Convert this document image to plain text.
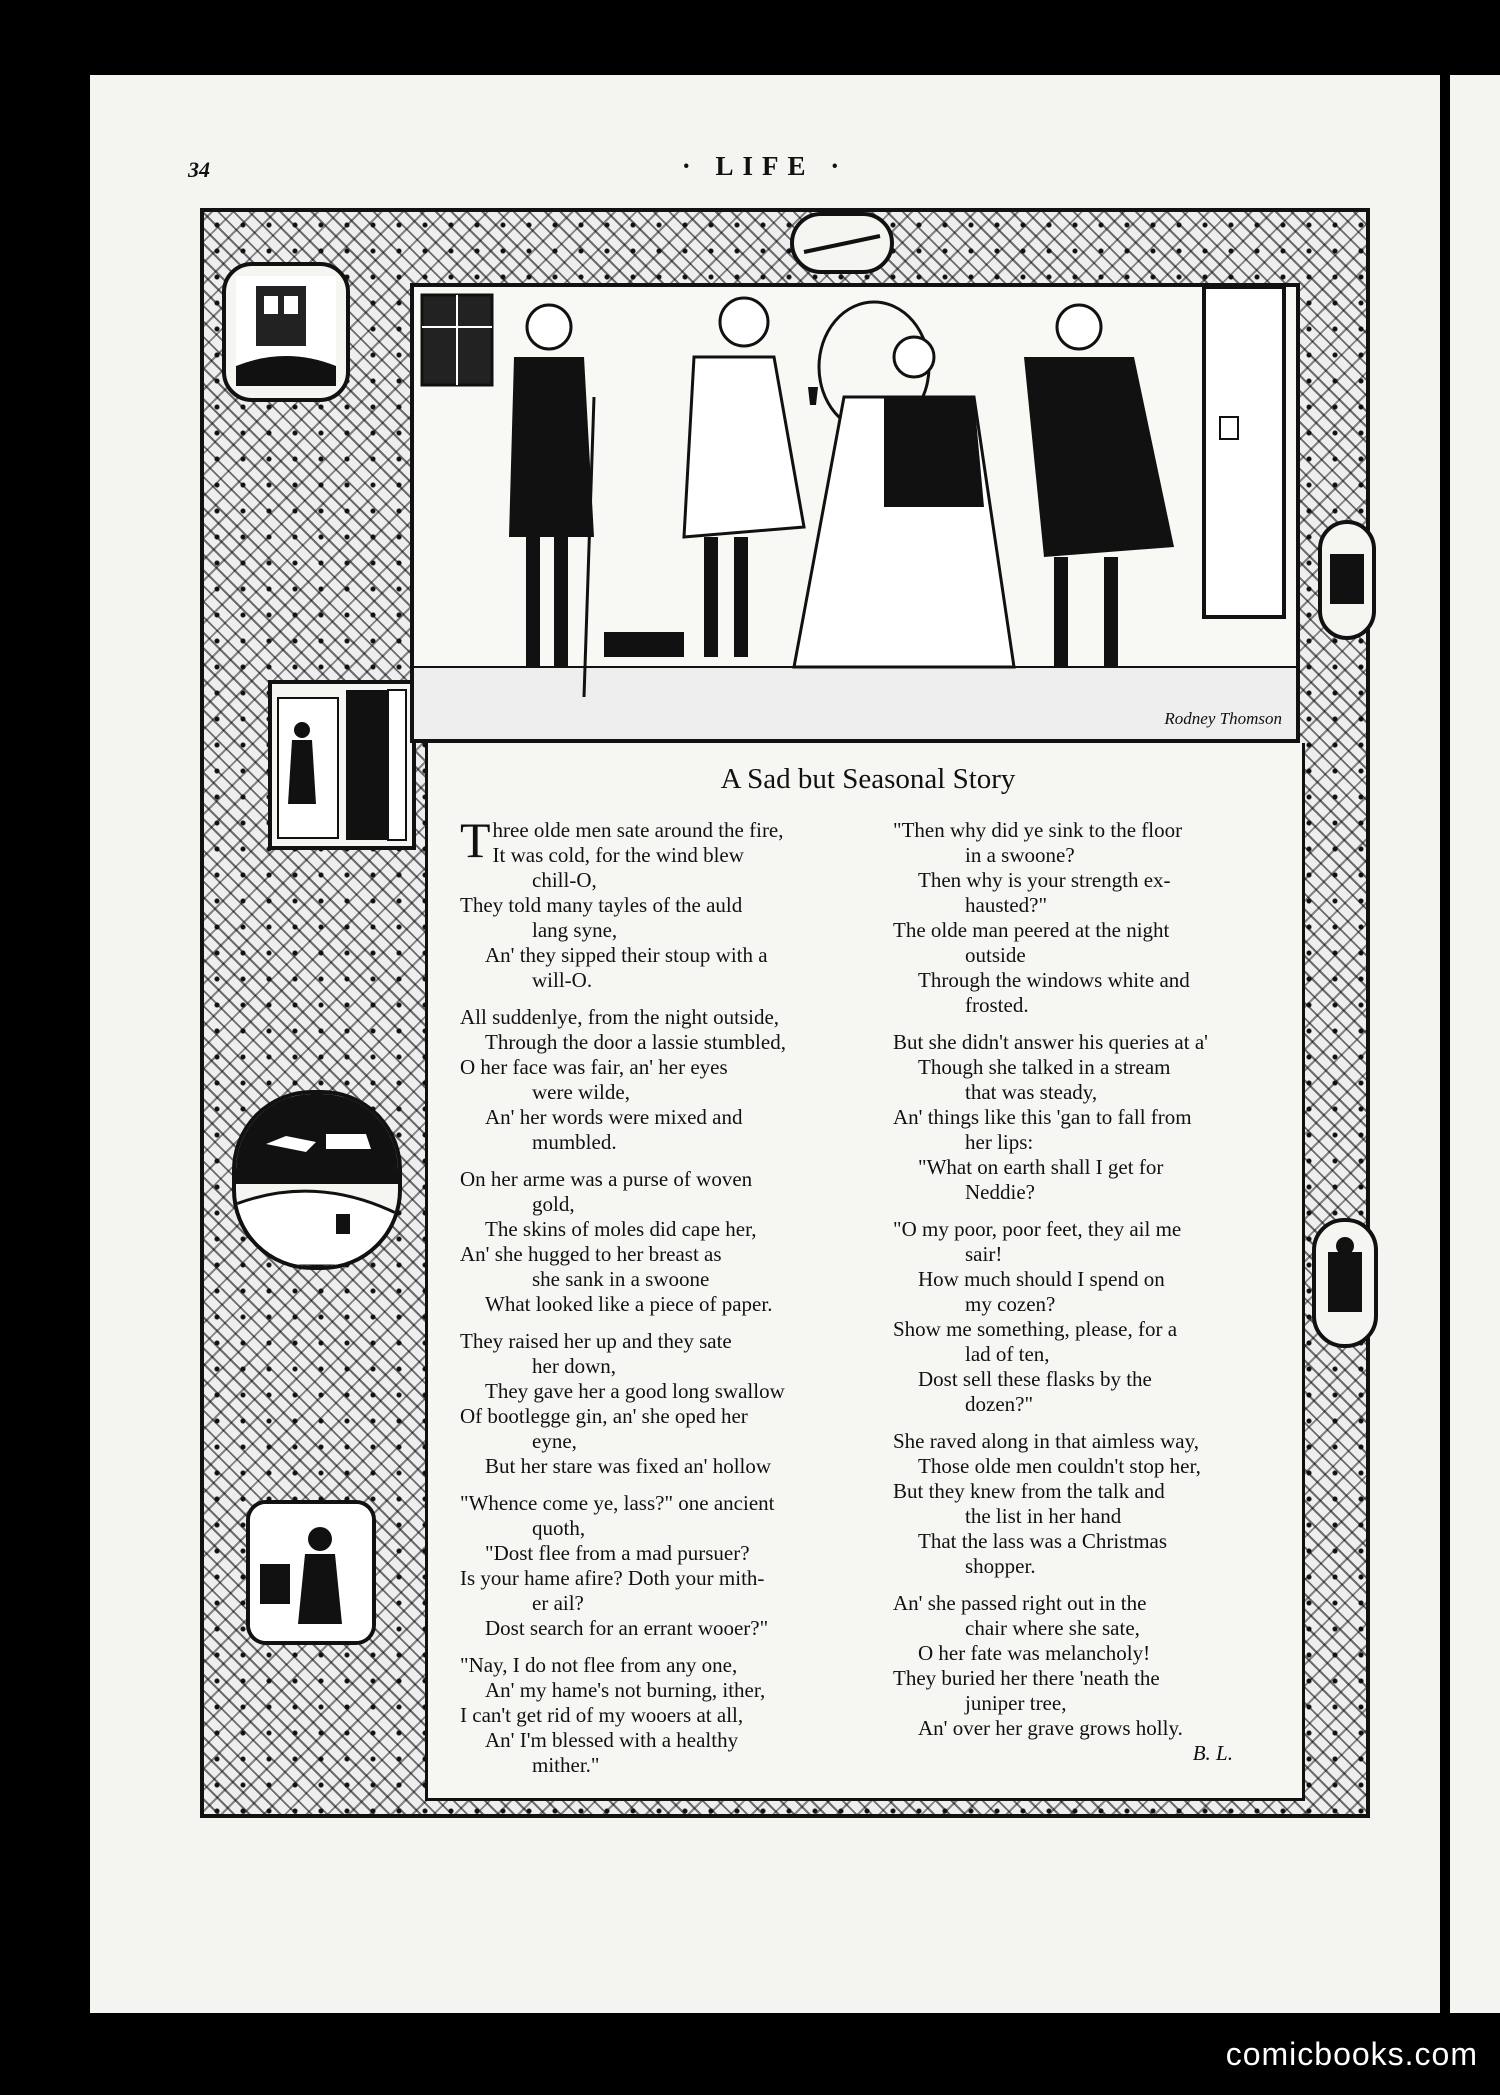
34	· LIFE ·
Rodney Thomson
A Sad but Seasonal Story
Three olde men sate around the fire,
It was cold, for the wind blew
chill-O,
They told many tayles of the auld
lang syne,
An' they sipped their stoup with a
will-O.
All suddenlye, from the night outside,
Through the door a lassie stumbled,
O her face was fair, an' her eyes
were wilde,
An' her words were mixed and
mumbled.
On her arme was a purse of woven
gold,
The skins of moles did cape her,
An' she hugged to her breast as
she sank in a swoone
What looked like a piece of paper.
They raised her up and they sate
her down,
They gave her a good long swallow
Of bootlegge gin, an' she oped her
eyne,
But her stare was fixed an' hollow
"Whence come ye, lass?" one ancient
quoth,
"Dost flee from a mad pursuer?
Is your hame afire? Doth your mith-
er ail?
Dost search for an errant wooer?"
"Nay, I do not flee from any one,
An' my hame's not burning, ither,
I can't get rid of my wooers at all,
An' I'm blessed with a healthy
mither."
"Then why did ye sink to the floor
in a swoone?
Then why is your strength ex-
hausted?"
The olde man peered at the night
outside
Through the windows white and
frosted.
But she didn't answer his queries at a'
Though she talked in a stream
that was steady,
An' things like this 'gan to fall from
her lips:
"What on earth shall I get for
Neddie?
"O my poor, poor feet, they ail me
sair!
How much should I spend on
my cozen?
Show me something, please, for a
lad of ten,
Dost sell these flasks by the
dozen?"
She raved along in that aimless way,
Those olde men couldn't stop her,
But they knew from the talk and
the list in her hand
That the lass was a Christmas
shopper.
An' she passed right out in the
chair where she sate,
O her fate was melancholy!
They buried her there 'neath the
juniper tree,
An' over her grave grows holly.
B. L.
comicbooks.com
